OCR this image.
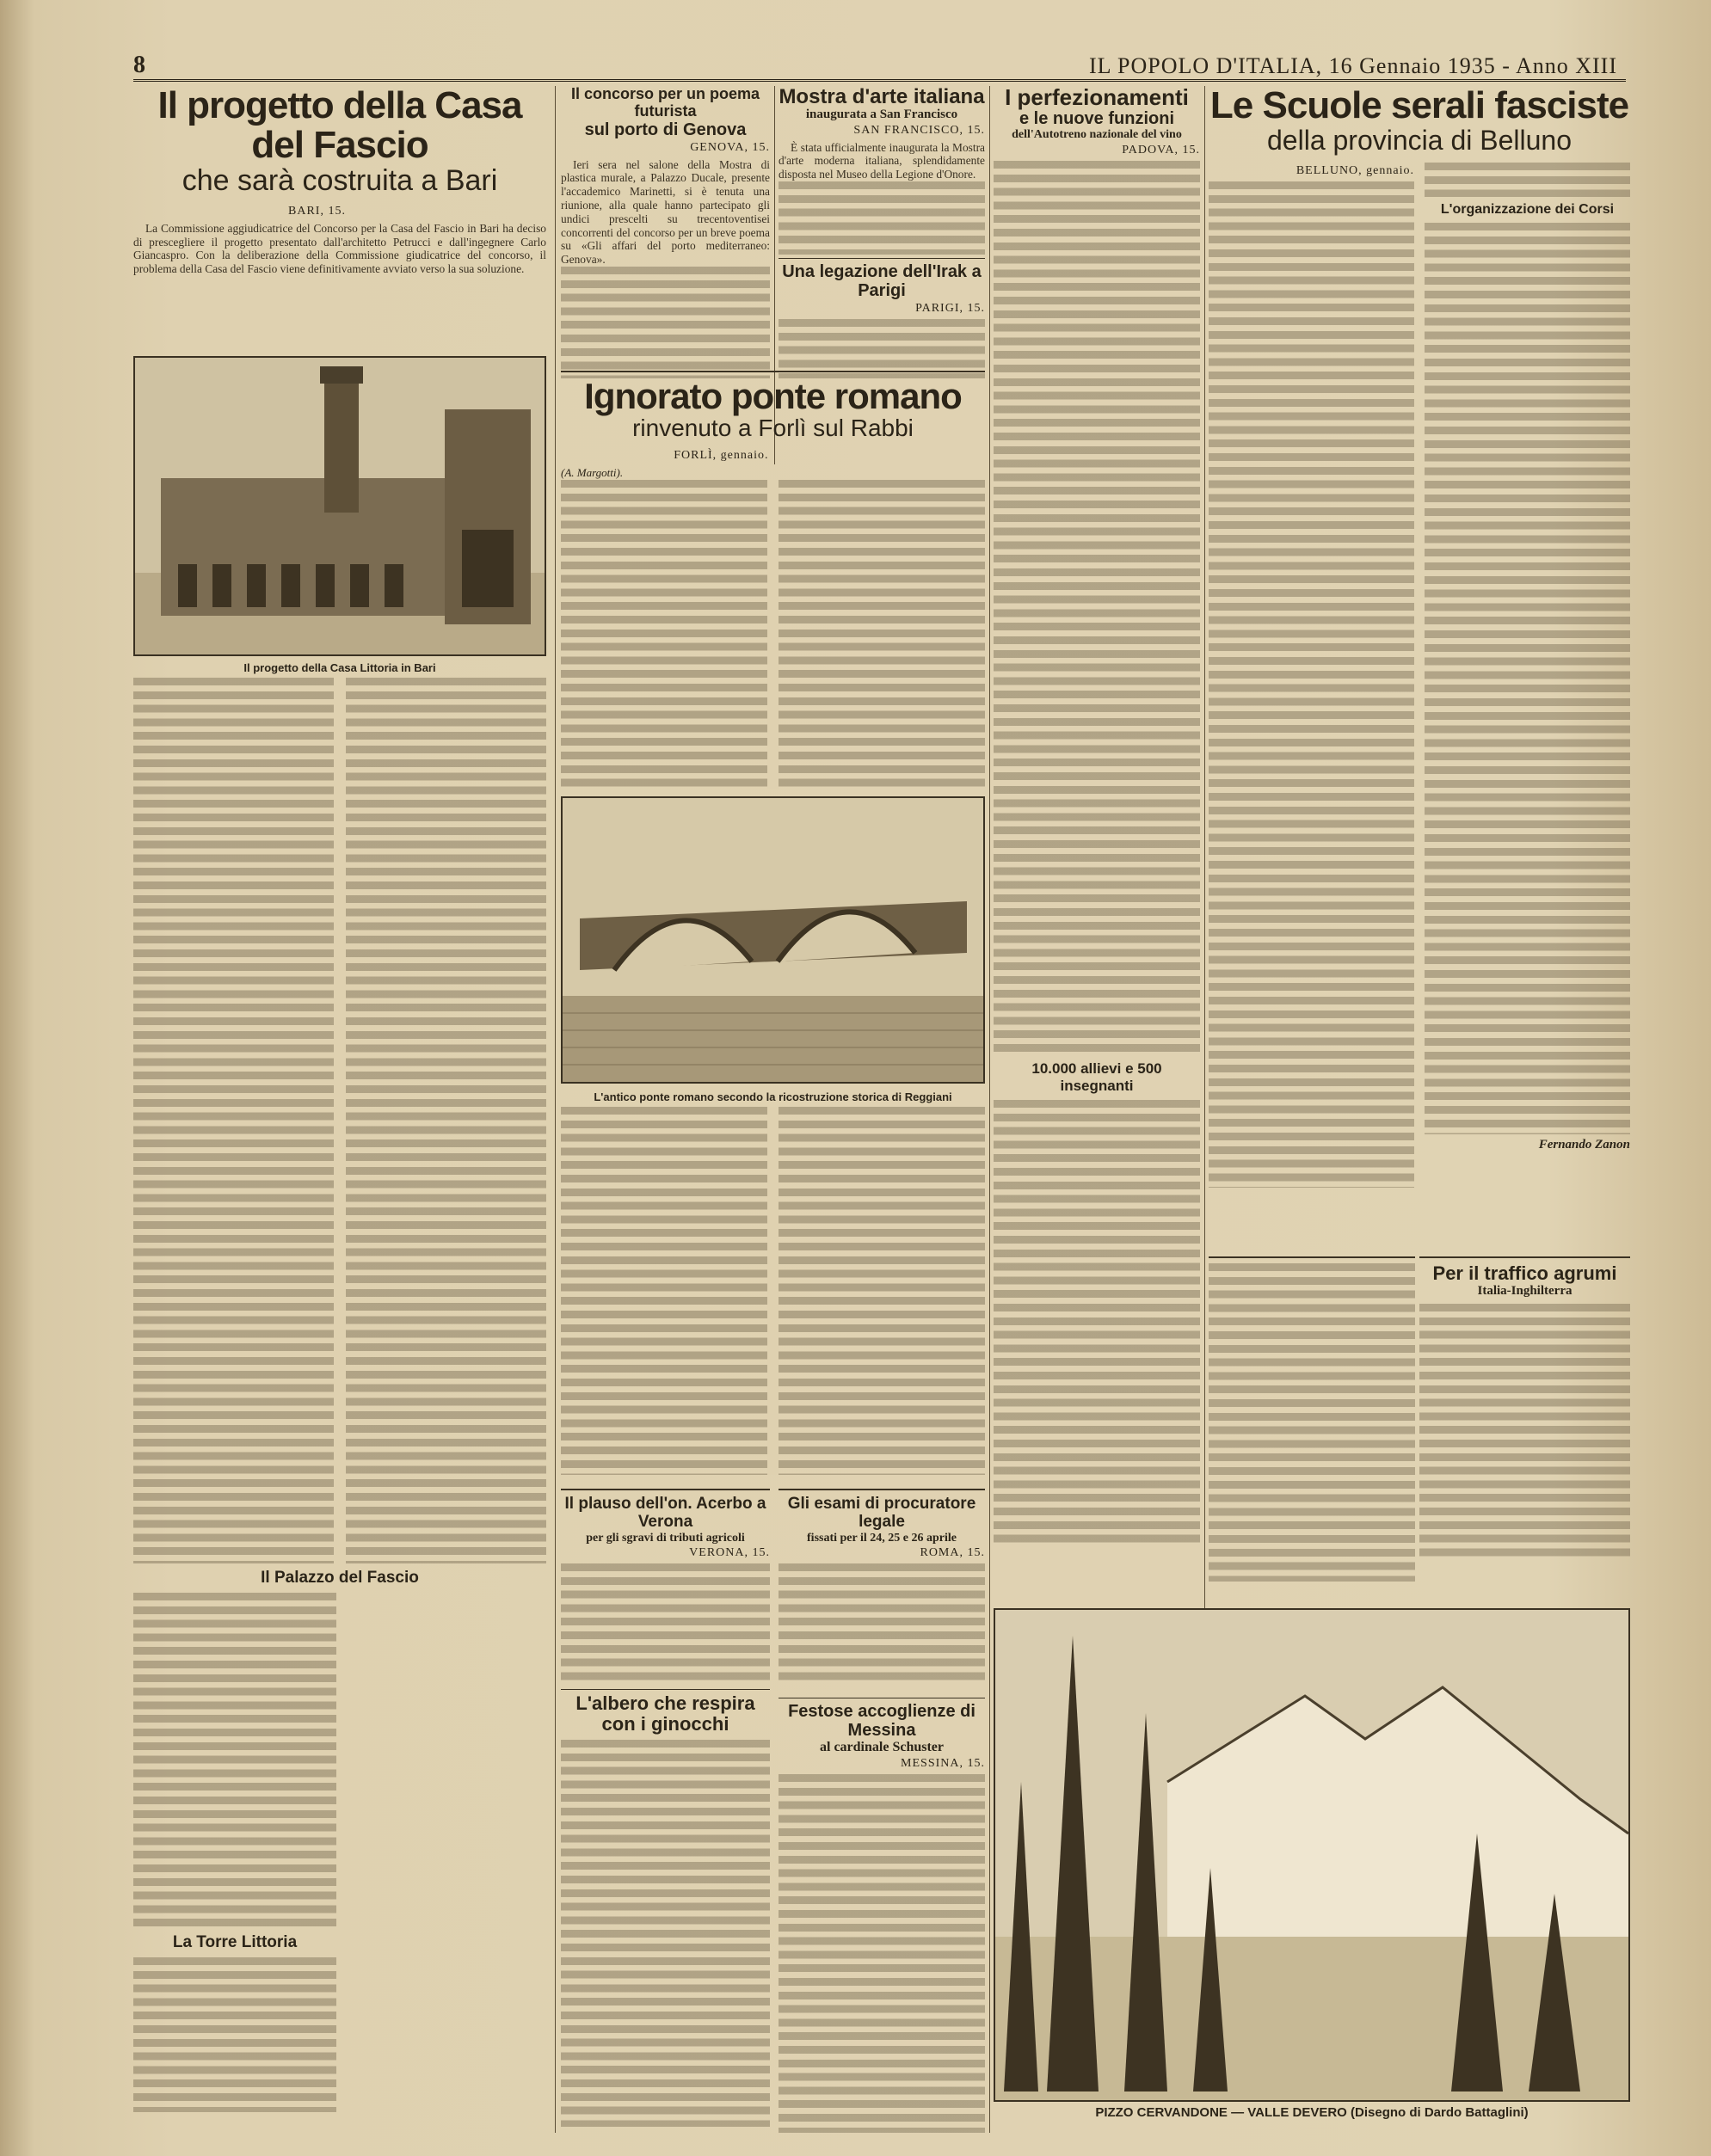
8	IL POPOLO D'ITALIA, 16 Gennaio 1935 - Anno XIII
Il progetto della Casa del Fascio
che sarà costruita a Bari
BARI, 15.

La Commissione aggiudicatrice del Concorso per la Casa del Fascio in Bari ha deciso di prescegliere il progetto presentato dall'architetto Petrucci e dall'ingegnere Carlo Giancaspro. Con la deliberazione della Commissione giudicatrice del concorso, il problema della Casa del Fascio viene definitivamente avviato verso la sua soluzione.

Il progetto della Casa Littoria in Bari
Il Palazzo del Fascio
La Torre Littoria
Il concorso per un poema futurista
sul porto di Genova
GENOVA, 15.

Ieri sera nel salone della Mostra di plastica murale, a Palazzo Ducale, presente l'accademico Marinetti, si è tenuta una riunione, alla quale hanno partecipato gli undici prescelti su trecentoventisei concorrenti del concorso per un breve poema su «Gli affari del porto mediterraneo: Genova».

Mostra d'arte italiana
inaugurata a San Francisco
SAN FRANCISCO, 15.

È stata ufficialmente inaugurata la Mostra d'arte moderna italiana, splendidamente disposta nel Museo della Legione d'Onore.

Una legazione dell'Irak a Parigi
PARIGI, 15.
Ignorato ponte romano
rinvenuto a Forlì sul Rabbi
FORLÌ, gennaio.
(A. Margotti).
L'antico ponte romano secondo la ricostruzione storica di Reggiani
Il plauso dell'on. Acerbo a Verona
per gli sgravi di tributi agricoli
VERONA, 15.
L'albero che respira con i ginocchi
Gli esami di procuratore legale
fissati per il 24, 25 e 26 aprile
ROMA, 15.
Festose accoglienze di Messina
al cardinale Schuster
MESSINA, 15.
I perfezionamenti
e le nuove funzioni
dell'Autotreno nazionale del vino
PADOVA, 15.
10.000 allievi e 500 insegnanti
Le Scuole serali fasciste
della provincia di Belluno
BELLUNO, gennaio.
L'organizzazione dei Corsi
Fernando Zanon
Per il traffico agrumi
Italia-Inghilterra
PIZZO CERVANDONE — VALLE DEVERO (Disegno di Dardo Battaglini)
